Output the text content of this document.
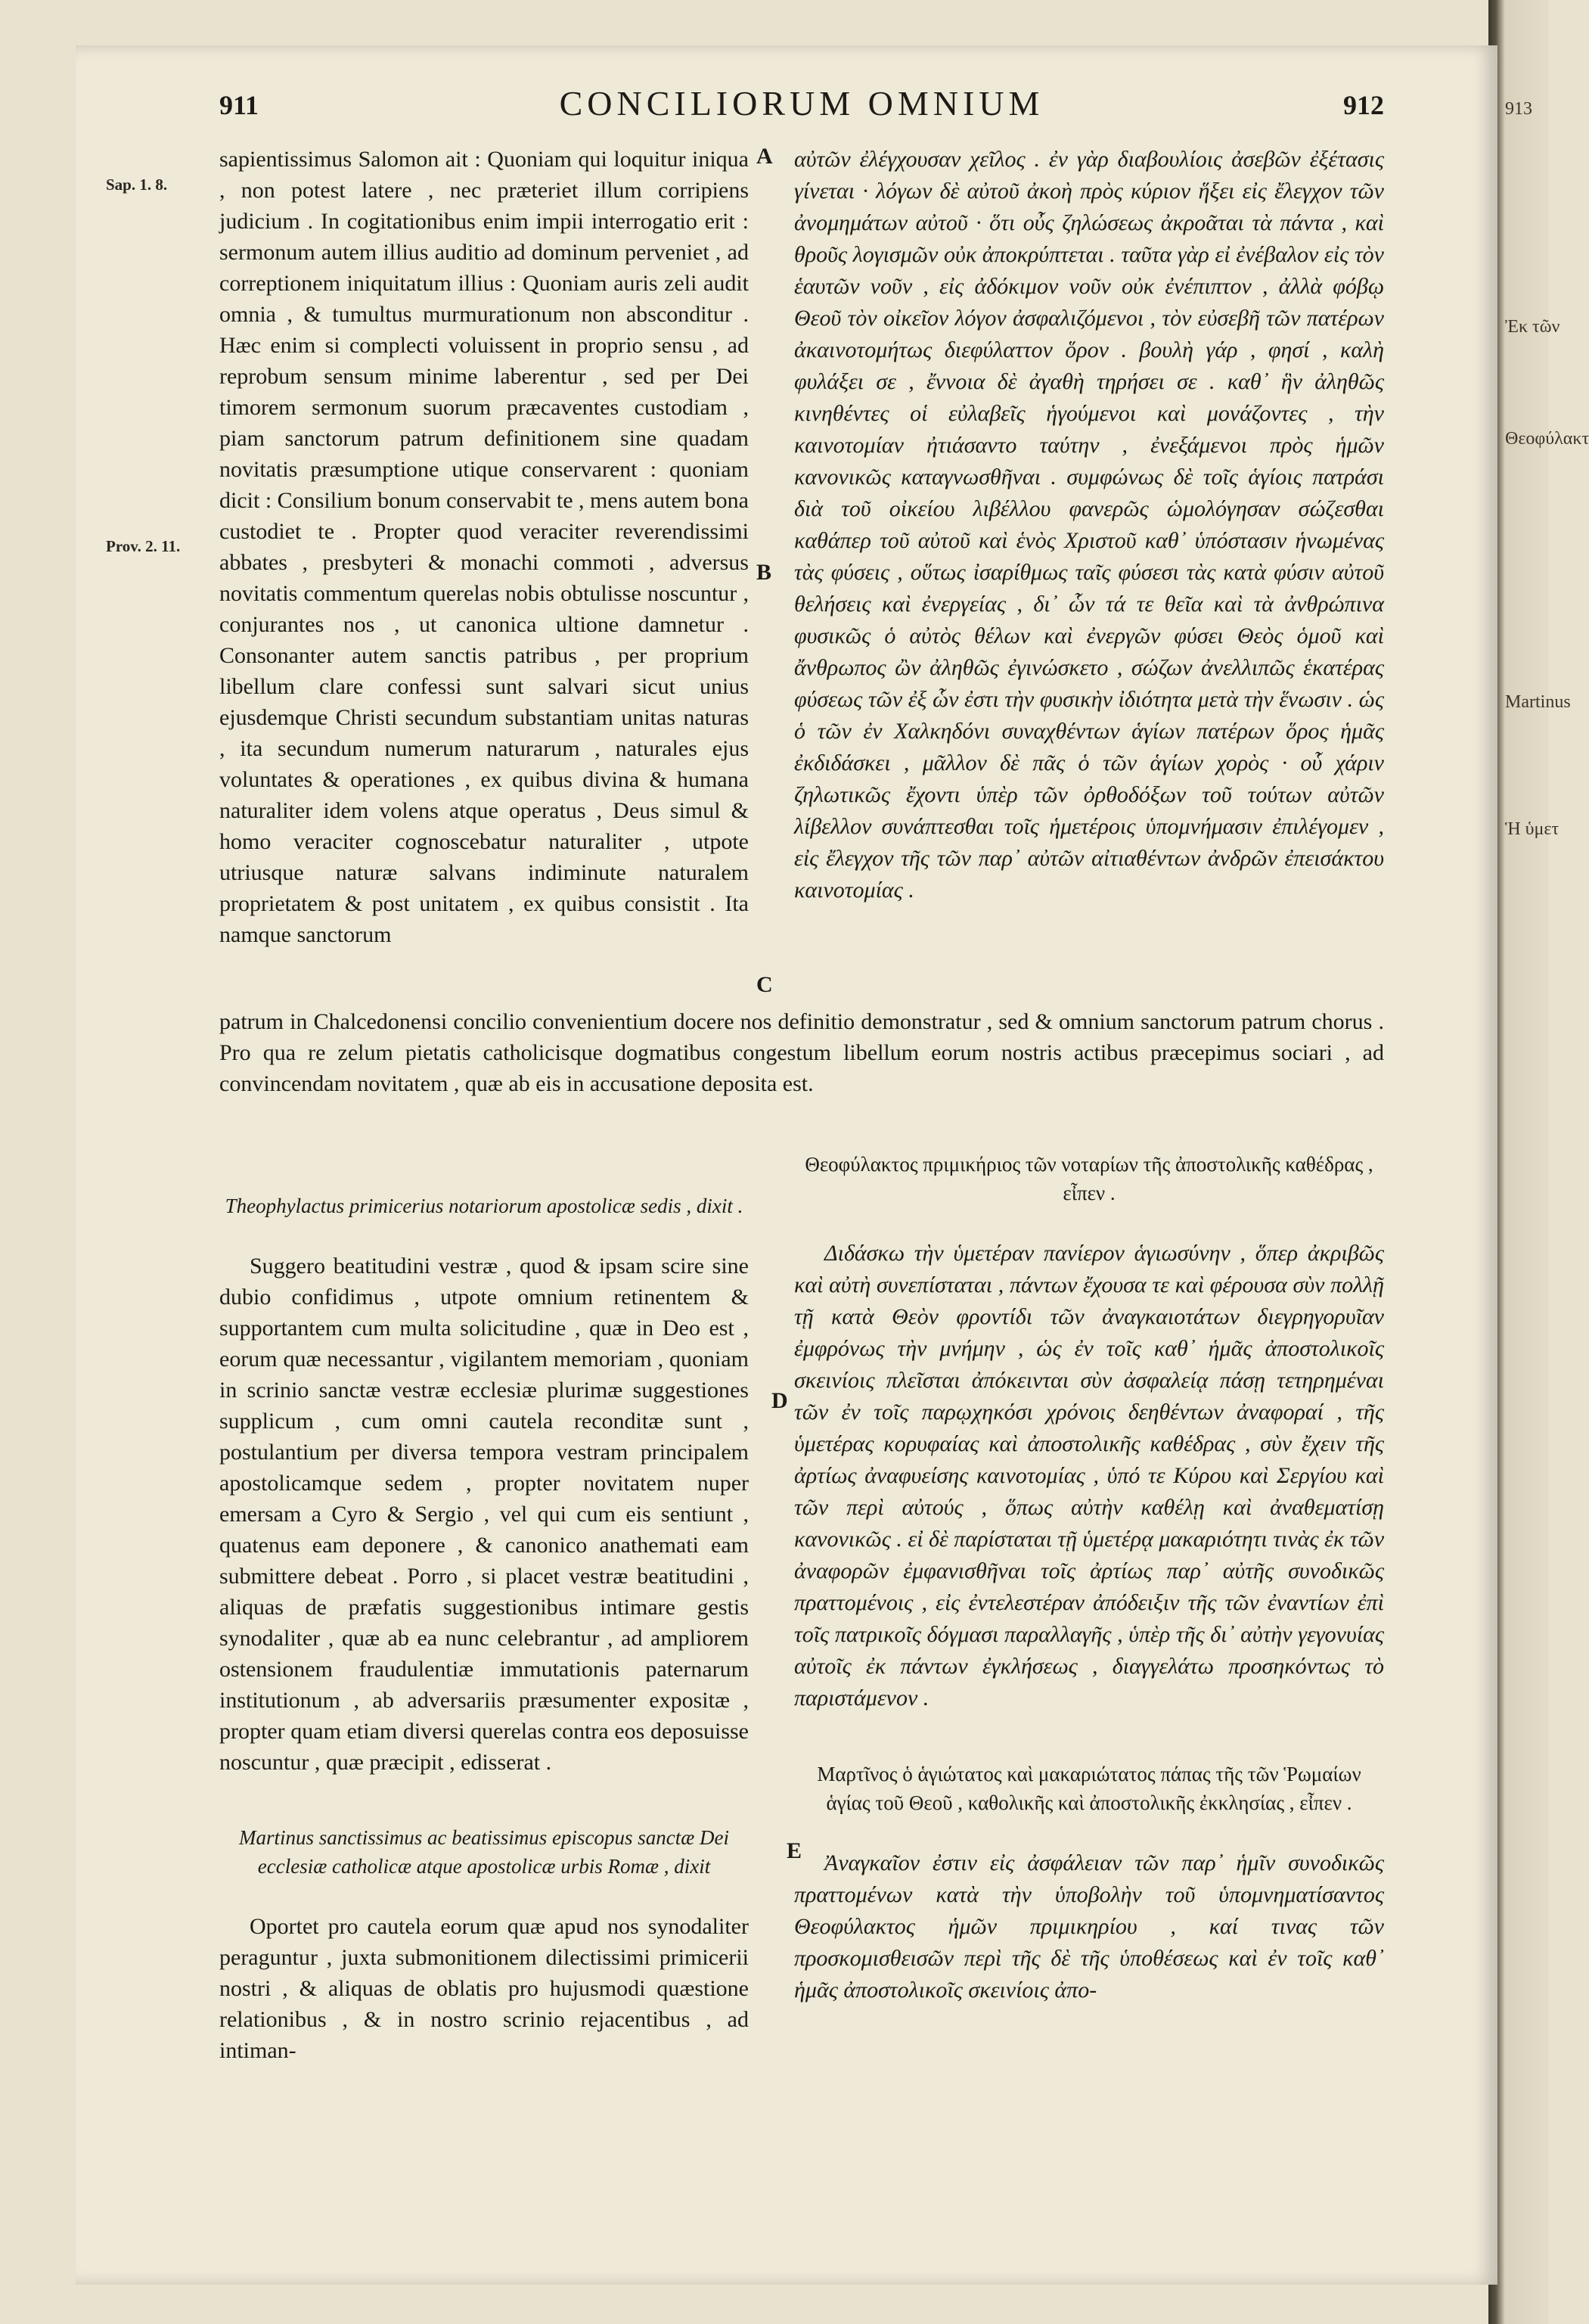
913
Ἐκ τῶν
Θεοφύλακτ
Martinus
Ἡ ὑμετ
911	CONCILIORUM OMNIUM	912
Sap. 1. 8.
Prov. 2. 11.
A
B
C
D
E

sapientissimus Salomon ait : Quoniam qui loquitur iniqua , non potest latere , nec præteriet illum corripiens judicium . In cogitationibus enim impii interrogatio erit : sermonum autem illius auditio ad dominum perveniet , ad correptionem iniquitatum illius : Quoniam auris zeli audit omnia , & tumultus murmurationum non absconditur . Hæc enim si complecti voluissent in proprio sensu , ad reprobum sensum minime laberentur , sed per Dei timorem sermonum suorum præcaventes custodiam , piam sanctorum patrum definitionem sine quadam novitatis præsumptione utique conservarent : quoniam dicit : Consilium bonum conservabit te , mens autem bona custodiet te . Propter quod veraciter reverendissimi abbates , presbyteri & monachi commoti , adversus novitatis commentum querelas nobis obtulisse noscuntur , conjurantes nos , ut canonica ultione damnetur . Consonanter autem sanctis patribus , per proprium libellum clare confessi sunt salvari sicut unius ejusdemque Christi secundum substantiam unitas naturas , ita secundum numerum naturarum , naturales ejus voluntates & operationes , ex quibus divina & humana naturaliter idem volens atque operatus , Deus simul & homo veraciter cognoscebatur naturaliter , utpote utriusque naturæ salvans indiminute naturalem proprietatem & post unitatem , ex quibus consistit . Ita namque sanctorum

αὐτῶν ἐλέγχουσαν χεῖλος . ἐν γὰρ διαβουλίοις ἀσεβῶν ἐξέτασις γίνεται · λόγων δὲ αὐτοῦ ἀκοὴ πρὸς κύριον ἥξει εἰς ἔλεγχον τῶν ἀνομημάτων αὐτοῦ · ὅτι οὖς ζηλώσεως ἀκροᾶται τὰ πάντα , καὶ θροῦς λογισμῶν οὐκ ἀποκρύπτεται . ταῦτα γὰρ εἰ ἐνέβαλον εἰς τὸν ἑαυτῶν νοῦν , εἰς ἀδόκιμον νοῦν οὐκ ἐνέπιπτον , ἀλλὰ φόβῳ Θεοῦ τὸν οἰκεῖον λόγον ἀσφαλιζόμενοι , τὸν εὐσεβῆ τῶν πατέρων ἀκαινοτομήτως διεφύλαττον ὅρον . βουλὴ γάρ , φησί , καλὴ φυλάξει σε , ἔννοια δὲ ἀγαθὴ τηρήσει σε . καθ᾽ ἣν ἀληθῶς κινηθέντες οἱ εὐλαβεῖς ἡγούμενοι καὶ μονάζοντες , τὴν καινοτομίαν ἠτιάσαντο ταύτην , ἐνεξάμενοι πρὸς ἡμῶν κανονικῶς καταγνωσθῆναι . συμφώνως δὲ τοῖς ἁγίοις πατράσι διὰ τοῦ οἰκείου λιβέλλου φανερῶς ὡμολόγησαν σώζεσθαι καθάπερ τοῦ αὐτοῦ καὶ ἑνὸς Χριστοῦ καθ᾽ ὑπόστασιν ἡνωμένας τὰς φύσεις , οὕτως ἰσαρίθμως ταῖς φύσεσι τὰς κατὰ φύσιν αὐτοῦ θελήσεις καὶ ἐνεργείας , δι᾽ ὧν τά τε θεῖα καὶ τὰ ἀνθρώπινα φυσικῶς ὁ αὐτὸς θέλων καὶ ἐνεργῶν φύσει Θεὸς ὁμοῦ καὶ ἄνθρωπος ὢν ἀληθῶς ἐγινώσκετο , σώζων ἀνελλιπῶς ἑκατέρας φύσεως τῶν ἐξ ὧν ἐστι τὴν φυσικὴν ἰδιότητα μετὰ τὴν ἕνωσιν . ὡς ὁ τῶν ἐν Χαλκηδόνι συναχθέντων ἁγίων πατέρων ὅρος ἡμᾶς ἐκδιδάσκει , μᾶλλον δὲ πᾶς ὁ τῶν ἁγίων χορὸς · οὗ χάριν ζηλωτικῶς ἔχοντι ὑπὲρ τῶν ὀρθοδόξων τοῦ τούτων αὐτῶν λίβελλον συνάπτεσθαι τοῖς ἡμετέροις ὑπομνήμασιν ἐπιλέγομεν , εἰς ἔλεγχον τῆς τῶν παρ᾽ αὐτῶν αἰτιαθέντων ἀνδρῶν ἐπεισάκτου καινοτομίας .

patrum in Chalcedonensi concilio convenientium docere nos definitio demonstratur , sed & omnium sanctorum patrum chorus . Pro qua re zelum pietatis catholicisque dogmatibus congestum libellum eorum nostris actibus præcepimus sociari , ad convincendam novitatem , quæ ab eis in accusatione deposita est.

Theophylactus primicerius notariorum apostolicæ sedis , dixit .

Suggero beatitudini vestræ , quod & ipsam scire sine dubio confidimus , utpote omnium retinentem & supportantem cum multa solicitudine , quæ in Deo est , eorum quæ necessantur , vigilantem memoriam , quoniam in scrinio sanctæ vestræ ecclesiæ plurimæ suggestiones supplicum , cum omni cautela reconditæ sunt , postulantium per diversa tempora vestram principalem apostolicamque sedem , propter novitatem nuper emersam a Cyro & Sergio , vel qui cum eis sentiunt , quatenus eam deponere , & canonico anathemati eam submittere debeat . Porro , si placet vestræ beatitudini , aliquas de præfatis suggestionibus intimare gestis synodaliter , quæ ab ea nunc celebrantur , ad ampliorem ostensionem fraudulentiæ immutationis paternarum institutionum , ab adversariis præsumenter expositæ , propter quam etiam diversi querelas contra eos deposuisse noscuntur , quæ præcipit , edisserat .

Martinus sanctissimus ac beatissimus episcopus sanctæ Dei ecclesiæ catholicæ atque apostolicæ urbis Romæ , dixit

Oportet pro cautela eorum quæ apud nos synodaliter peraguntur , juxta submonitionem dilectissimi primicerii nostri , & aliquas de oblatis pro hujusmodi quæstione relationibus , & in nostro scrinio rejacentibus , ad intiman-

Θεοφύλακτος πριμικήριος τῶν νοταρίων τῆς ἀποστολικῆς καθέδρας , εἶπεν .

Διδάσκω τὴν ὑμετέραν πανίερον ἁγιωσύνην , ὅπερ ἀκριβῶς καὶ αὐτὴ συνεπίσταται , πάντων ἔχουσα τε καὶ φέρουσα σὺν πολλῇ τῇ κατὰ Θεὸν φροντίδι τῶν ἀναγκαιοτάτων διεγρηγορυῖαν ἐμφρόνως τὴν μνήμην , ὡς ἐν τοῖς καθ᾽ ἡμᾶς ἀποστολικοῖς σκεινίοις πλεῖσται ἀπόκεινται σὺν ἀσφαλείᾳ πάσῃ τετηρημέναι τῶν ἐν τοῖς παρῳχηκόσι χρόνοις δεηθέντων ἀναφοραί , τῆς ὑμετέρας κορυφαίας καὶ ἀποστολικῆς καθέδρας , σὺν ἔχειν τῆς ἀρτίως ἀναφυείσης καινοτομίας , ὑπό τε Κύρου καὶ Σεργίου καὶ τῶν περὶ αὐτούς , ὅπως αὐτὴν καθέλῃ καὶ ἀναθεματίσῃ κανονικῶς . εἰ δὲ παρίσταται τῇ ὑμετέρᾳ μακαριότητι τινὰς ἐκ τῶν ἀναφορῶν ἐμφανισθῆναι τοῖς ἀρτίως παρ᾽ αὐτῆς συνοδικῶς πραττομένοις , εἰς ἐντελεστέραν ἀπόδειξιν τῆς τῶν ἐναντίων ἐπὶ τοῖς πατρικοῖς δόγμασι παραλλαγῆς , ὑπὲρ τῆς δι᾽ αὐτὴν γεγονυίας αὐτοῖς ἐκ πάντων ἐγκλήσεως , διαγγελάτω προσηκόντως τὸ παριστάμενον .

Μαρτῖνος ὁ ἁγιώτατος καὶ μακαριώτατος πάπας τῆς τῶν Ῥωμαίων ἁγίας τοῦ Θεοῦ , καθολικῆς καὶ ἀποστολικῆς ἐκκλησίας , εἶπεν .

Ἀναγκαῖον ἐστιν εἰς ἀσφάλειαν τῶν παρ᾽ ἡμῖν συνοδικῶς πραττομένων κατὰ τὴν ὑποβολὴν τοῦ ὑπομνηματίσαντος Θεοφύλακτος ἡμῶν πριμικηρίου , καί τινας τῶν προσκομισθεισῶν περὶ τῆς δὲ τῆς ὑποθέσεως καὶ ἐν τοῖς καθ᾽ ἡμᾶς ἀποστολικοῖς σκεινίοις ἀπο-
